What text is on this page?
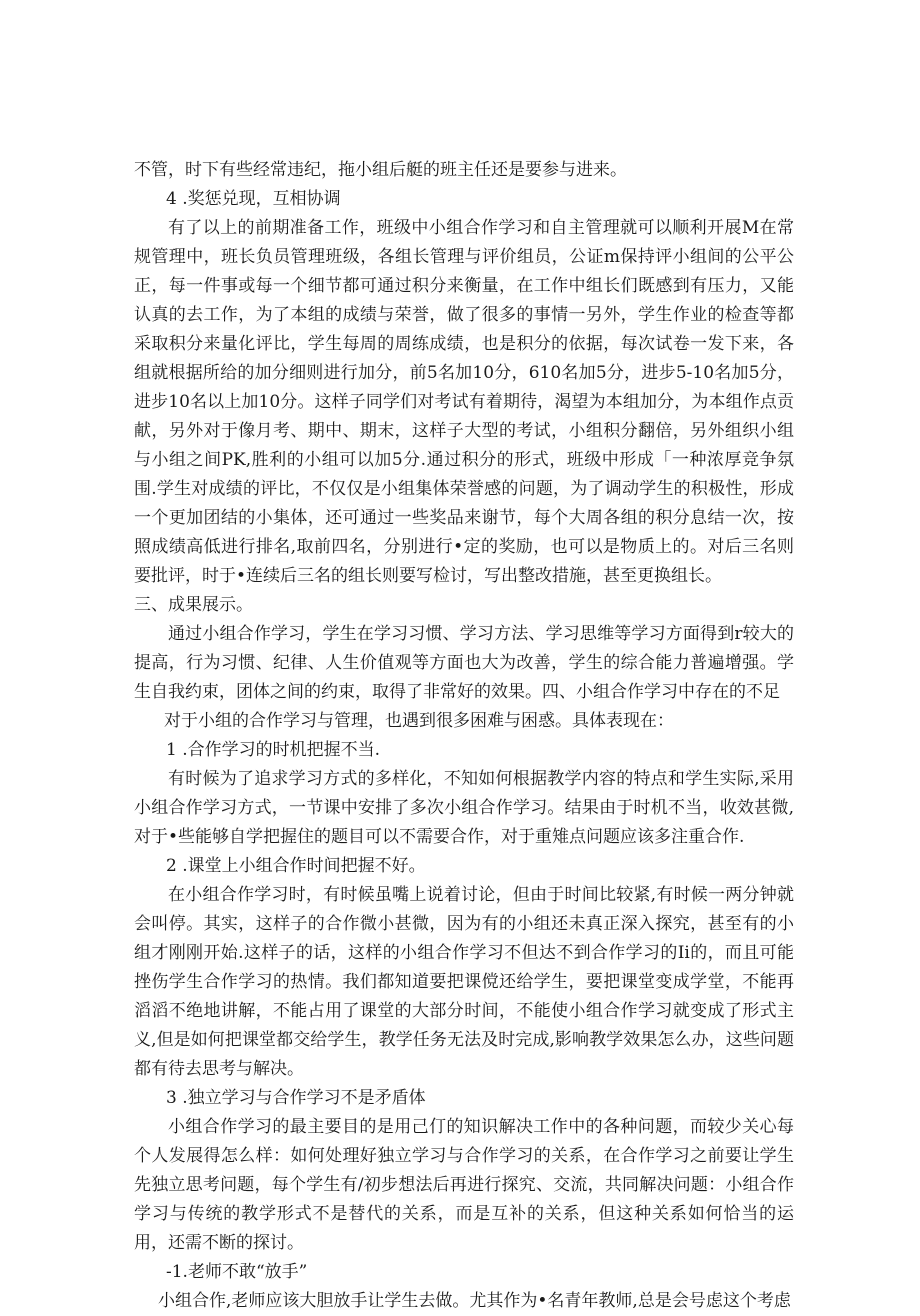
不管，时下有些经常违纪，拖小组后艇的班主任还是要参与进来。

4 .奖惩兑现，互相协调

有了以上的前期准备工作，班级中小组合作学习和自主管理就可以顺利开展M在常规管理中，班长负员管理班级，各组长管理与评价组员，公证m保持评小组间的公平公正，每一件事或每一个细节都可通过积分来衡量，在工作中组长们既感到有压力，又能认真的去工作，为了本组的成绩与荣誉，做了很多的事情一另外，学生作业的检查等都采取积分来量化评比，学生每周的周练成绩，也是积分的依据，每次试卷一发下来，各组就根据所给的加分细则进行加分，前5名加10分，610名加5分，进步5-10名加5分，进步10名以上加10分。这样子同学们对考试有着期待，渴望为本组加分，为本组作点贡献，另外对于像月考、期中、期末，这样子大型的考试，小组积分翻倍，另外组织小组与小组之间PK,胜利的小组可以加5分.通过积分的形式，班级中形成「一种浓厚竞争氛围.学生对成绩的评比，不仅仅是小组集体荣誉感的问题，为了调动学生的积极性，形成一个更加团结的小集体，还可通过一些奖品来谢节，每个大周各组的积分息结一次，按照成绩高低进行排名,取前四名，分别进行•定的奖励，也可以是物质上的。对后三名则要批评，时于•连续后三名的组长则要写检讨，写出整改措施，甚至更换组长。

三、成果展示。

通过小组合作学习，学生在学习习惯、学习方法、学习思维等学习方面得到r较大的提高，行为习惯、纪律、人生价值观等方面也大为改善，学生的综合能力普遍增强。学生自我约束，团体之间的约束，取得了非常好的效果。四、小组合作学习中存在的不足

对于小组的合作学习与管理，也遇到很多困难与困惑。具体表现在：

1 .合作学习的时机把握不当.

有时候为了追求学习方式的多样化，不知如何根据教学内容的特点和学生实际,采用小组合作学习方式，一节课中安排了多次小组合作学习。结果由于时机不当，收效甚微,对于•些能够自学把握住的题目可以不需要合作，对于重雉点问题应该多注重合作.

2 .课堂上小组合作时间把握不好。

在小组合作学习时，有时候虽嘴上说着讨论，但由于时间比较紧,有时候一两分钟就会叫停。其实，这样子的合作微小甚微，因为有的小组还未真正深入探究，甚至有的小组才刚刚开始.这样子的话，这样的小组合作学习不但达不到合作学习的Ii的，而且可能挫伤学生合作学习的热情。我们都知道要把课傥还给学生，要把课堂变成学堂，不能再滔滔不绝地讲解，不能占用了课堂的大部分时间，不能使小组合作学习就变成了形式主义,但是如何把课堂都交给学生，教学任务无法及时完成,影响教学效果怎么办，这些问题都有待去思考与解决。

3 .独立学习与合作学习不是矛盾体

小组合作学习的最主要目的是用己仃的知识解决工作中的各种问题，而较少关心每个人发展得怎么样：如何处理好独立学习与合作学习的关系，在合作学习之前要让学生先独立思考问题，每个学生有/初步想法后再进行探究、交流，共同解决问题：小组合作学习与传统的教学形式不是替代的关系，而是互补的关系，但这种关系如何恰当的运用，还需不断的探讨。

-1.老师不敢“放手”

小组合作,老师应该大胆放手让学生去做。尤其作为•名青年教师,总是会号虑这个考虑
